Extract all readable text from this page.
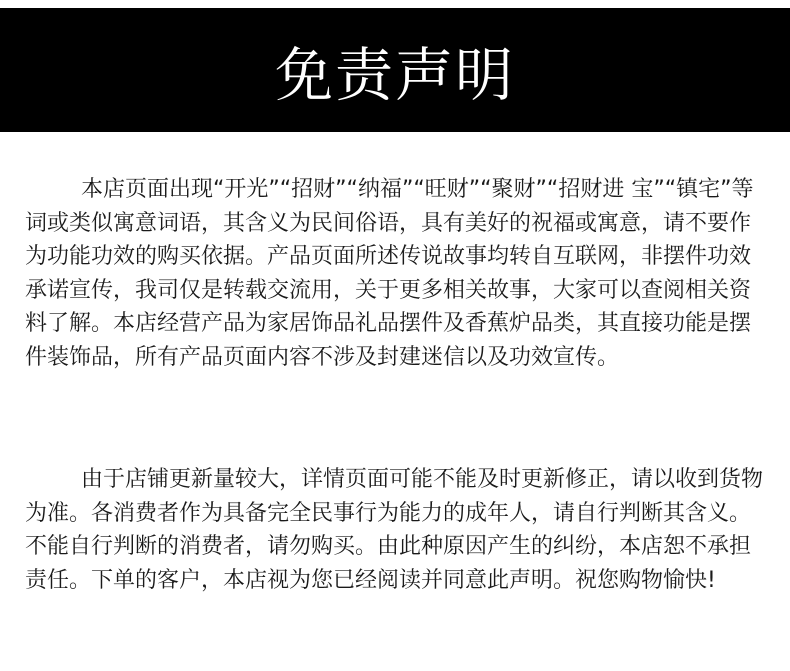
免责声明

本店页面出现“开光”“招财”“纳福”“旺财”“聚财”“招财进 宝”“镇宅”等词或类似寓意词语，其含义为民间俗语，具有美好的祝福或寓意，请不要作为功能功效的购买依据。产品页面所述传说故事均转自互联网，非摆件功效承诺宣传，我司仅是转载交流用，关于更多相关故事，大家可以查阅相关资料了解。本店经营产品为家居饰品礼品摆件及香蕉炉品类，其直接功能是摆件装饰品，所有产品页面内容不涉及封建迷信以及功效宣传。

由于店铺更新量较大，详情页面可能不能及时更新修正，请以收到货物为准。各消费者作为具备完全民事行为能力的成年人，请自行判断其含义。不能自行判断的消费者，请勿购买。由此种原因产生的纠纷，本店恕不承担责任。下单的客户，本店视为您已经阅读并同意此声明。祝您购物愉快!
